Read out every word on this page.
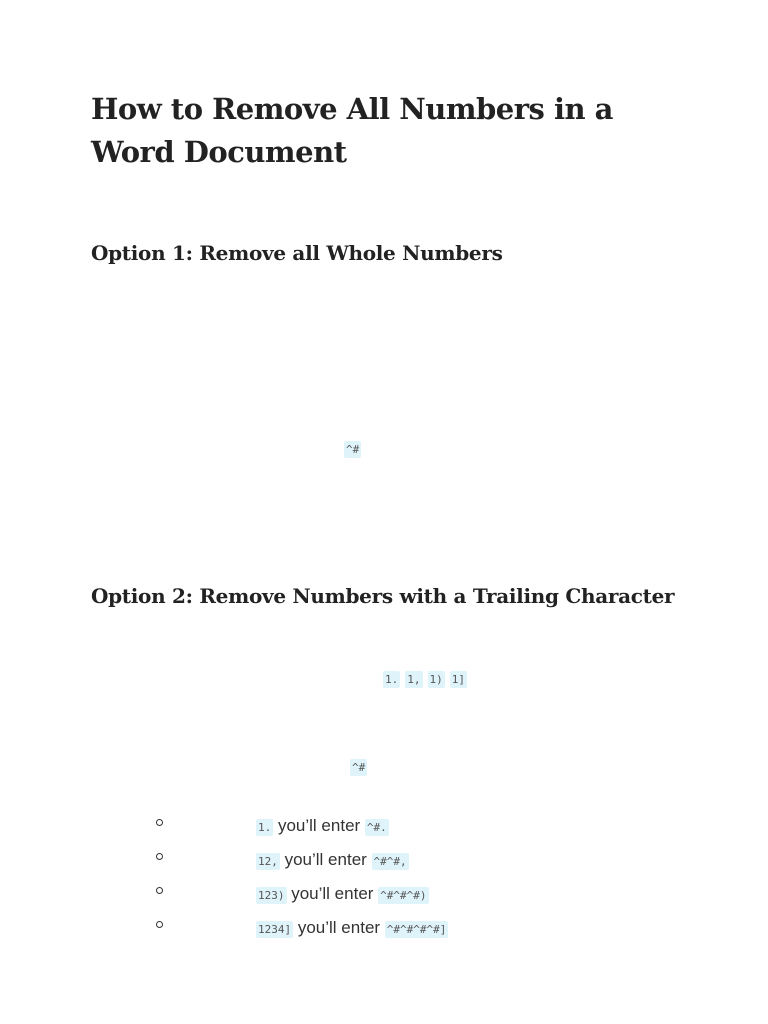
How to Remove All Numbers in a Word Document
Option 1: Remove all Whole Numbers
^#
Option 2: Remove Numbers with a Trailing Character
1. 1, 1) 1]
^#
1. you’ll enter ^#.
12, you’ll enter ^#^#,
123) you’ll enter ^#^#^#)
1234] you’ll enter ^#^#^#^#]
